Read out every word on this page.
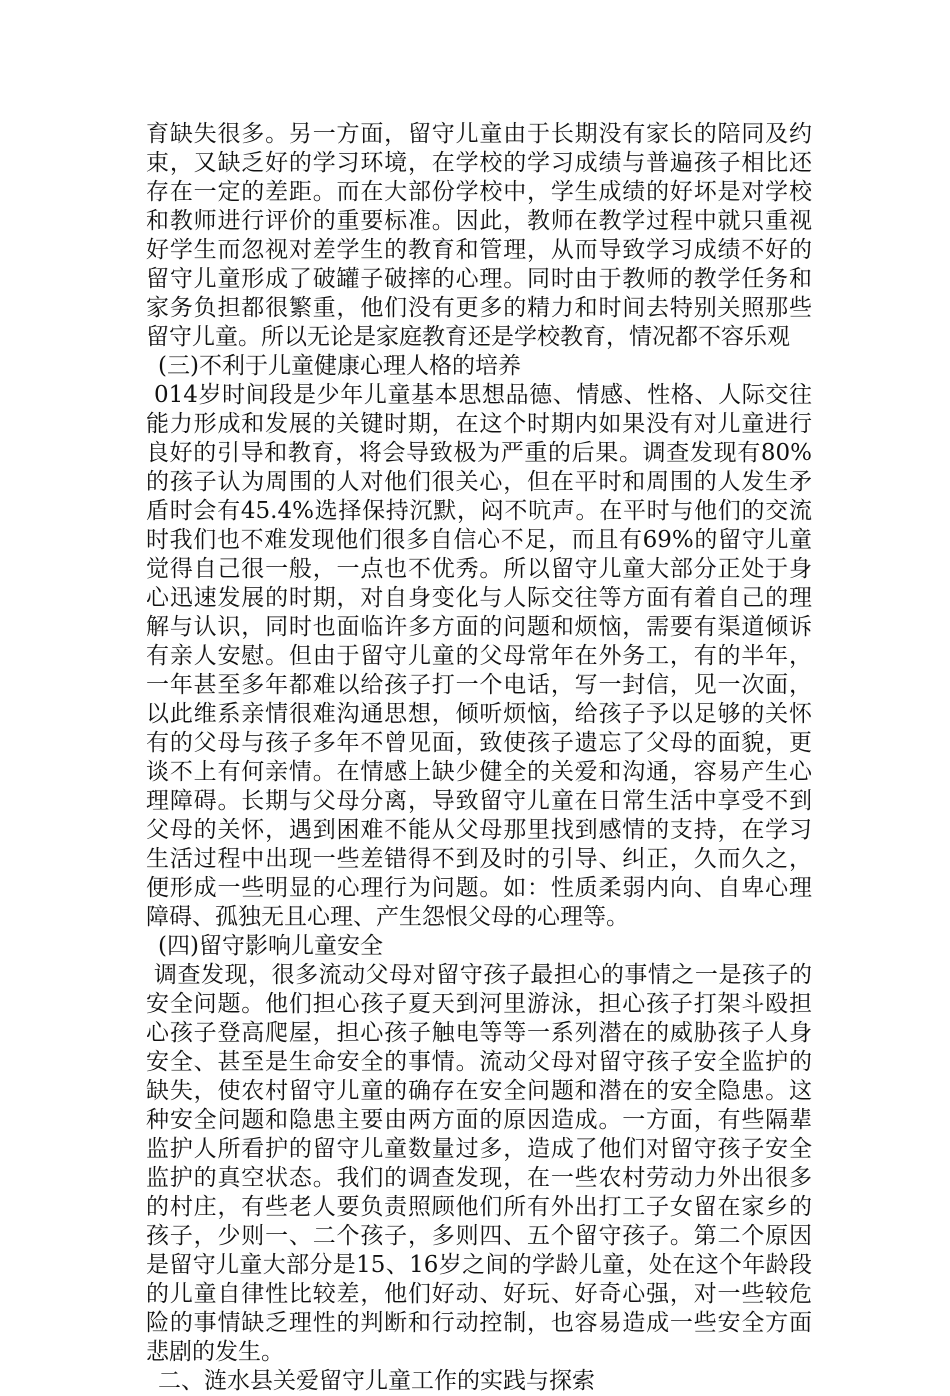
育缺失很多。另一方面，留守儿童由于长期没有家长的陪同及约束，又缺乏好的学习环境，在学校的学习成绩与普遍孩子相比还存在一定的差距。而在大部份学校中，学生成绩的好坏是对学校和教师进行评价的重要标准。因此，教师在教学过程中就只重视好学生而忽视对差学生的教育和管理，从而导致学习成绩不好的留守儿童形成了破罐子破摔的心理。同时由于教师的教学任务和家务负担都很繁重，他们没有更多的精力和时间去特别关照那些留守儿童。所以无论是家庭教育还是学校教育，情况都不容乐观

(三)不利于儿童健康心理人格的培养

014岁时间段是少年儿童基本思想品德、情感、性格、人际交往能力形成和发展的关键时期，在这个时期内如果没有对儿童进行良好的引导和教育，将会导致极为严重的后果。调查发现有80%的孩子认为周围的人对他们很关心，但在平时和周围的人发生矛盾时会有45.4%选择保持沉默，闷不吭声。在平时与他们的交流时我们也不难发现他们很多自信心不足，而且有69%的留守儿童觉得自己很一般，一点也不优秀。所以留守儿童大部分正处于身心迅速发展的时期，对自身变化与人际交往等方面有着自己的理解与认识，同时也面临许多方面的问题和烦恼，需要有渠道倾诉有亲人安慰。但由于留守儿童的父母常年在外务工，有的半年，一年甚至多年都难以给孩子打一个电话，写一封信，见一次面，以此维系亲情很难沟通思想，倾听烦恼，给孩子予以足够的关怀有的父母与孩子多年不曾见面，致使孩子遗忘了父母的面貌，更谈不上有何亲情。在情感上缺少健全的关爱和沟通，容易产生心理障碍。长期与父母分离，导致留守儿童在日常生活中享受不到父母的关怀，遇到困难不能从父母那里找到感情的支持，在学习生活过程中出现一些差错得不到及时的引导、纠正，久而久之，便形成一些明显的心理行为问题。如：性质柔弱内向、自卑心理障碍、孤独无且心理、产生怨恨父母的心理等。

(四)留守影响儿童安全

调查发现，很多流动父母对留守孩子最担心的事情之一是孩子的安全问题。他们担心孩子夏天到河里游泳，担心孩子打架斗殴担心孩子登高爬屋，担心孩子触电等等一系列潜在的威胁孩子人身安全、甚至是生命安全的事情。流动父母对留守孩子安全监护的缺失，使农村留守儿童的确存在安全问题和潜在的安全隐患。这种安全问题和隐患主要由两方面的原因造成。一方面，有些隔辈监护人所看护的留守儿童数量过多，造成了他们对留守孩子安全监护的真空状态。我们的调查发现，在一些农村劳动力外出很多的村庄，有些老人要负责照顾他们所有外出打工子女留在家乡的孩子，少则一、二个孩子，多则四、五个留守孩子。第二个原因是留守儿童大部分是15、16岁之间的学龄儿童，处在这个年龄段的儿童自律性比较差，他们好动、好玩、好奇心强，对一些较危险的事情缺乏理性的判断和行动控制，也容易造成一些安全方面悲剧的发生。

二、涟水县关爱留守儿童工作的实践与探索
